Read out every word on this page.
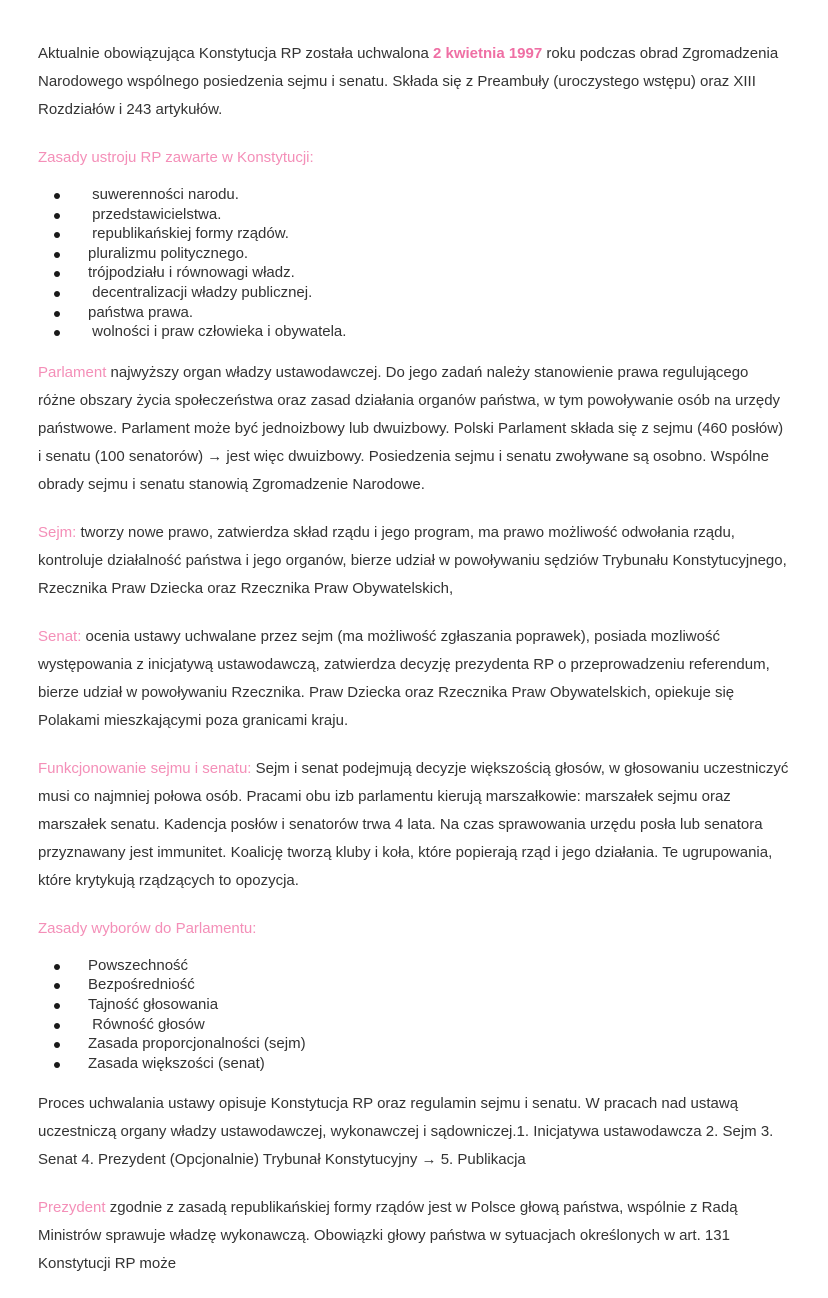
Aktualnie obowiązująca Konstytucja RP została uchwalona 2 kwietnia 1997 roku podczas obrad Zgromadzenia Narodowego wspólnego posiedzenia sejmu i senatu. Składa się z Preambuły (uroczystego wstępu) oraz XIII Rozdziałów i 243 artykułów.

Zasady ustroju RP zawarte w Konstytucji:
suwerenności narodu.
przedstawicielstwa.
republikańskiej formy rządów.
pluralizmu politycznego.
trójpodziału i równowagi władz.
decentralizacji władzy publicznej.
państwa prawa.
wolności i praw człowieka i obywatela.

Parlament najwyższy organ władzy ustawodawczej. Do jego zadań należy stanowienie prawa regulującego różne obszary życia społeczeństwa oraz zasad działania organów państwa, w tym powoływanie osób na urzędy państwowe. Parlament może być jednoizbowy lub dwuizbowy. Polski Parlament składa się z sejmu (460 posłów) i senatu (100 senatorów) → jest więc dwuizbowy. Posiedzenia sejmu i senatu zwoływane są osobno. Wspólne obrady sejmu i senatu stanowią Zgromadzenie Narodowe.

Sejm: tworzy nowe prawo, zatwierdza skład rządu i jego program, ma prawo możliwość odwołania rządu, kontroluje działalność państwa i jego organów, bierze udział w powoływaniu sędziów Trybunału Konstytucyjnego, Rzecznika Praw Dziecka oraz Rzecznika Praw Obywatelskich,

Senat: ocenia ustawy uchwalane przez sejm (ma możliwość zgłaszania poprawek), posiada mozliwość występowania z inicjatywą ustawodawczą, zatwierdza decyzję prezydenta RP o przeprowadzeniu referendum, bierze udział w powoływaniu Rzecznika. Praw Dziecka oraz Rzecznika Praw Obywatelskich, opiekuje się Polakami mieszkającymi poza granicami kraju.

Funkcjonowanie sejmu i senatu: Sejm i senat podejmują decyzje większością głosów, w głosowaniu uczestniczyć musi co najmniej połowa osób. Pracami obu izb parlamentu kierują marszałkowie: marszałek sejmu oraz marszałek senatu. Kadencja posłów i senatorów trwa 4 lata. Na czas sprawowania urzędu posła lub senatora przyznawany jest immunitet. Koalicję tworzą kluby i koła, które popierają rząd i jego działania. Te ugrupowania, które krytykują rządzących to opozycja.

Zasady wyborów do Parlamentu:
Powszechność
Bezpośredniość
Tajność głosowania
Równość głosów
Zasada proporcjonalności (sejm)
Zasada większości (senat)

Proces uchwalania ustawy opisuje Konstytucja RP oraz regulamin sejmu i senatu. W pracach nad ustawą uczestniczą organy władzy ustawodawczej, wykonawczej i sądowniczej.1. Inicjatywa ustawodawcza 2. Sejm 3. Senat 4. Prezydent (Opcjonalnie) Trybunał Konstytucyjny → 5. Publikacja

Prezydent zgodnie z zasadą republikańskiej formy rządów jest w Polsce głową państwa, wspólnie z Radą Ministrów sprawuje władzę wykonawczą. Obowiązki głowy państwa w sytuacjach określonych w art. 131 Konstytucji RP może
